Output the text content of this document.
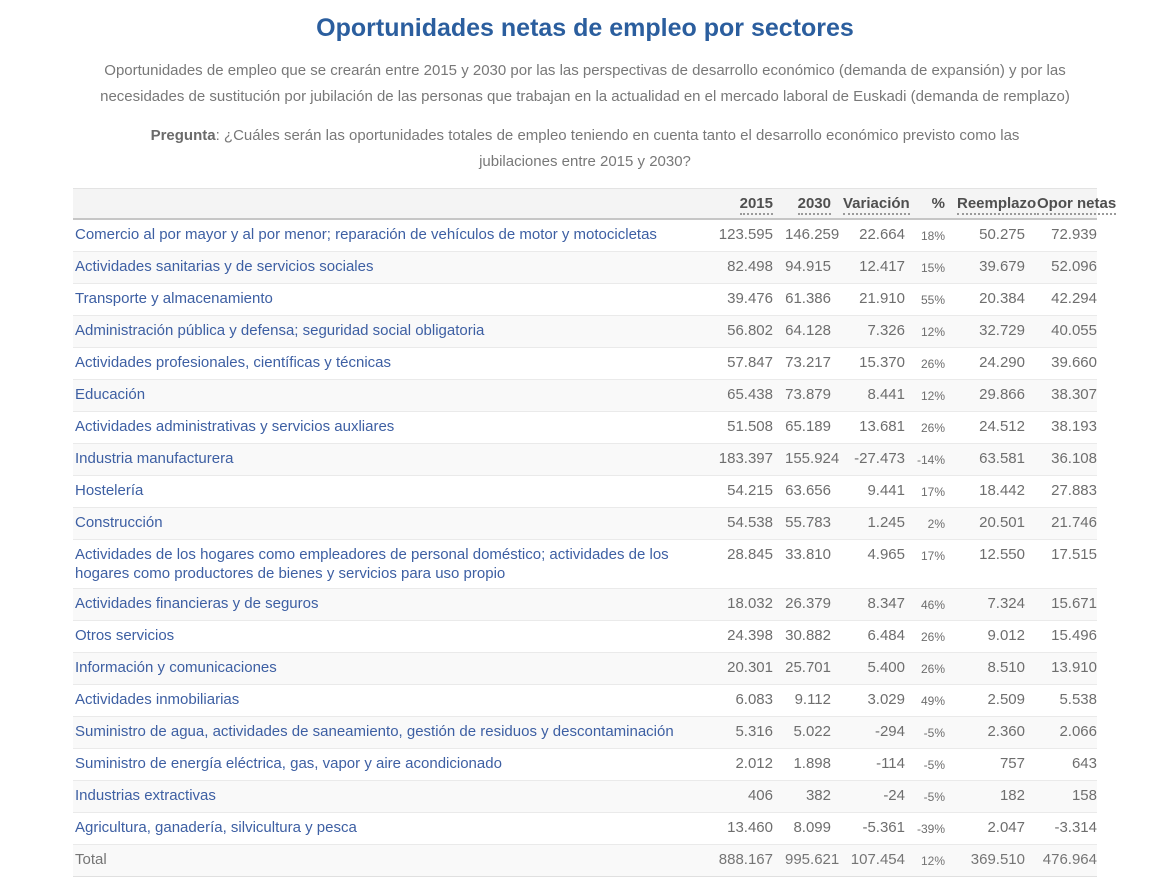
Oportunidades netas de empleo por sectores

Oportunidades de empleo que se crearán entre 2015 y 2030 por las las perspectivas de desarrollo económico (demanda de expansión) y por las necesidades de sustitución por jubilación de las personas que trabajan en la actualidad en el mercado laboral de Euskadi (demanda de remplazo)

Pregunta: ¿Cuáles serán las oportunidades totales de empleo teniendo en cuenta tanto el desarrollo económico previsto como las jubilaciones entre 2015 y 2030?

	2015	2030	Variación	%	Reemplazo	Opor netas
Comercio al por mayor y al por menor; reparación de vehículos de motor y motocicletas	123.595	146.259	22.664	18%	50.275	72.939
Actividades sanitarias y de servicios sociales	82.498	94.915	12.417	15%	39.679	52.096
Transporte y almacenamiento	39.476	61.386	21.910	55%	20.384	42.294
Administración pública y defensa; seguridad social obligatoria	56.802	64.128	7.326	12%	32.729	40.055
Actividades profesionales, científicas y técnicas	57.847	73.217	15.370	26%	24.290	39.660
Educación	65.438	73.879	8.441	12%	29.866	38.307
Actividades administrativas y servicios auxliares	51.508	65.189	13.681	26%	24.512	38.193
Industria manufacturera	183.397	155.924	-27.473	-14%	63.581	36.108
Hostelería	54.215	63.656	9.441	17%	18.442	27.883
Construcción	54.538	55.783	1.245	2%	20.501	21.746
Actividades de los hogares como empleadores de personal doméstico; actividades de los hogares como productores de bienes y servicios para uso propio	28.845	33.810	4.965	17%	12.550	17.515
Actividades financieras y de seguros	18.032	26.379	8.347	46%	7.324	15.671
Otros servicios	24.398	30.882	6.484	26%	9.012	15.496
Información y comunicaciones	20.301	25.701	5.400	26%	8.510	13.910
Actividades inmobiliarias	6.083	9.112	3.029	49%	2.509	5.538
Suministro de agua, actividades de saneamiento, gestión de residuos y descontaminación	5.316	5.022	-294	-5%	2.360	2.066
Suministro de energía eléctrica, gas, vapor y aire acondicionado	2.012	1.898	-114	-5%	757	643
Industrias extractivas	406	382	-24	-5%	182	158
Agricultura, ganadería, silvicultura y pesca	13.460	8.099	-5.361	-39%	2.047	-3.314
Total	888.167	995.621	107.454	12%	369.510	476.964
